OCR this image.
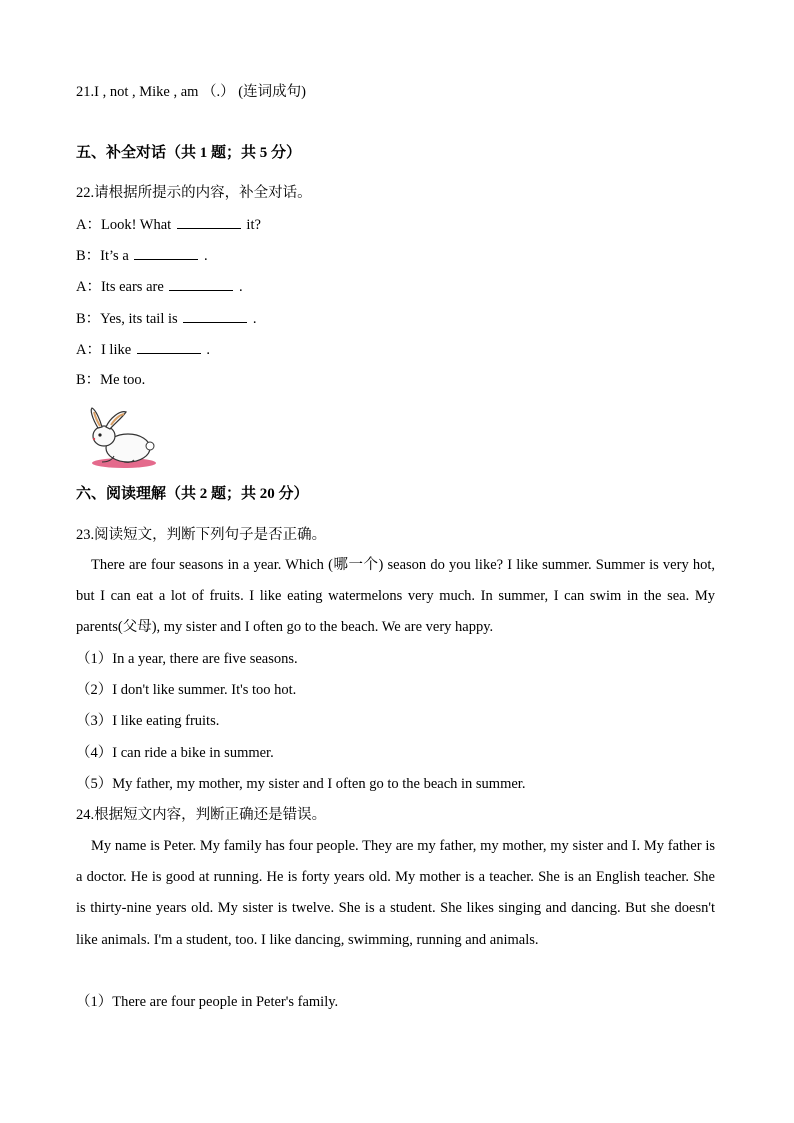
21.I , not , Mike , am （.） (连词成句)
五、补全对话（共 1 题；共 5 分）
22.请根据所提示的内容，补全对话。
A：Look! What	it?
B：It’s a	.
A：Its ears are	.
B：Yes, its tail is	.
A：I like	.
B：Me too.
六、阅读理解（共 2 题；共 20 分）
23.阅读短文，判断下列句子是否正确。
There are four seasons in a year. Which (哪一个) season do you like? I like summer. Summer is very hot, but I can eat a lot of fruits. I like eating watermelons very much. In summer, I can swim in the sea. My parents(父母), my sister and I often go to the beach. We are very happy.
（1）In a year, there are five seasons.
（2）I don't like summer. It's too hot.
（3）I like eating fruits.
（4）I can ride a bike in summer.
（5）My father, my mother, my sister and I often go to the beach in summer.
24.根据短文内容，判断正确还是错误。
My name is Peter. My family has four people. They are my father, my mother, my sister and I. My father is a doctor. He is good at running. He is forty years old. My mother is a teacher. She is an English teacher. She is thirty-nine years old. My sister is twelve. She is a student. She likes singing and dancing. But she doesn't like animals. I'm a student, too. I like dancing, swimming, running and animals.
（1）There are four people in Peter's family.
